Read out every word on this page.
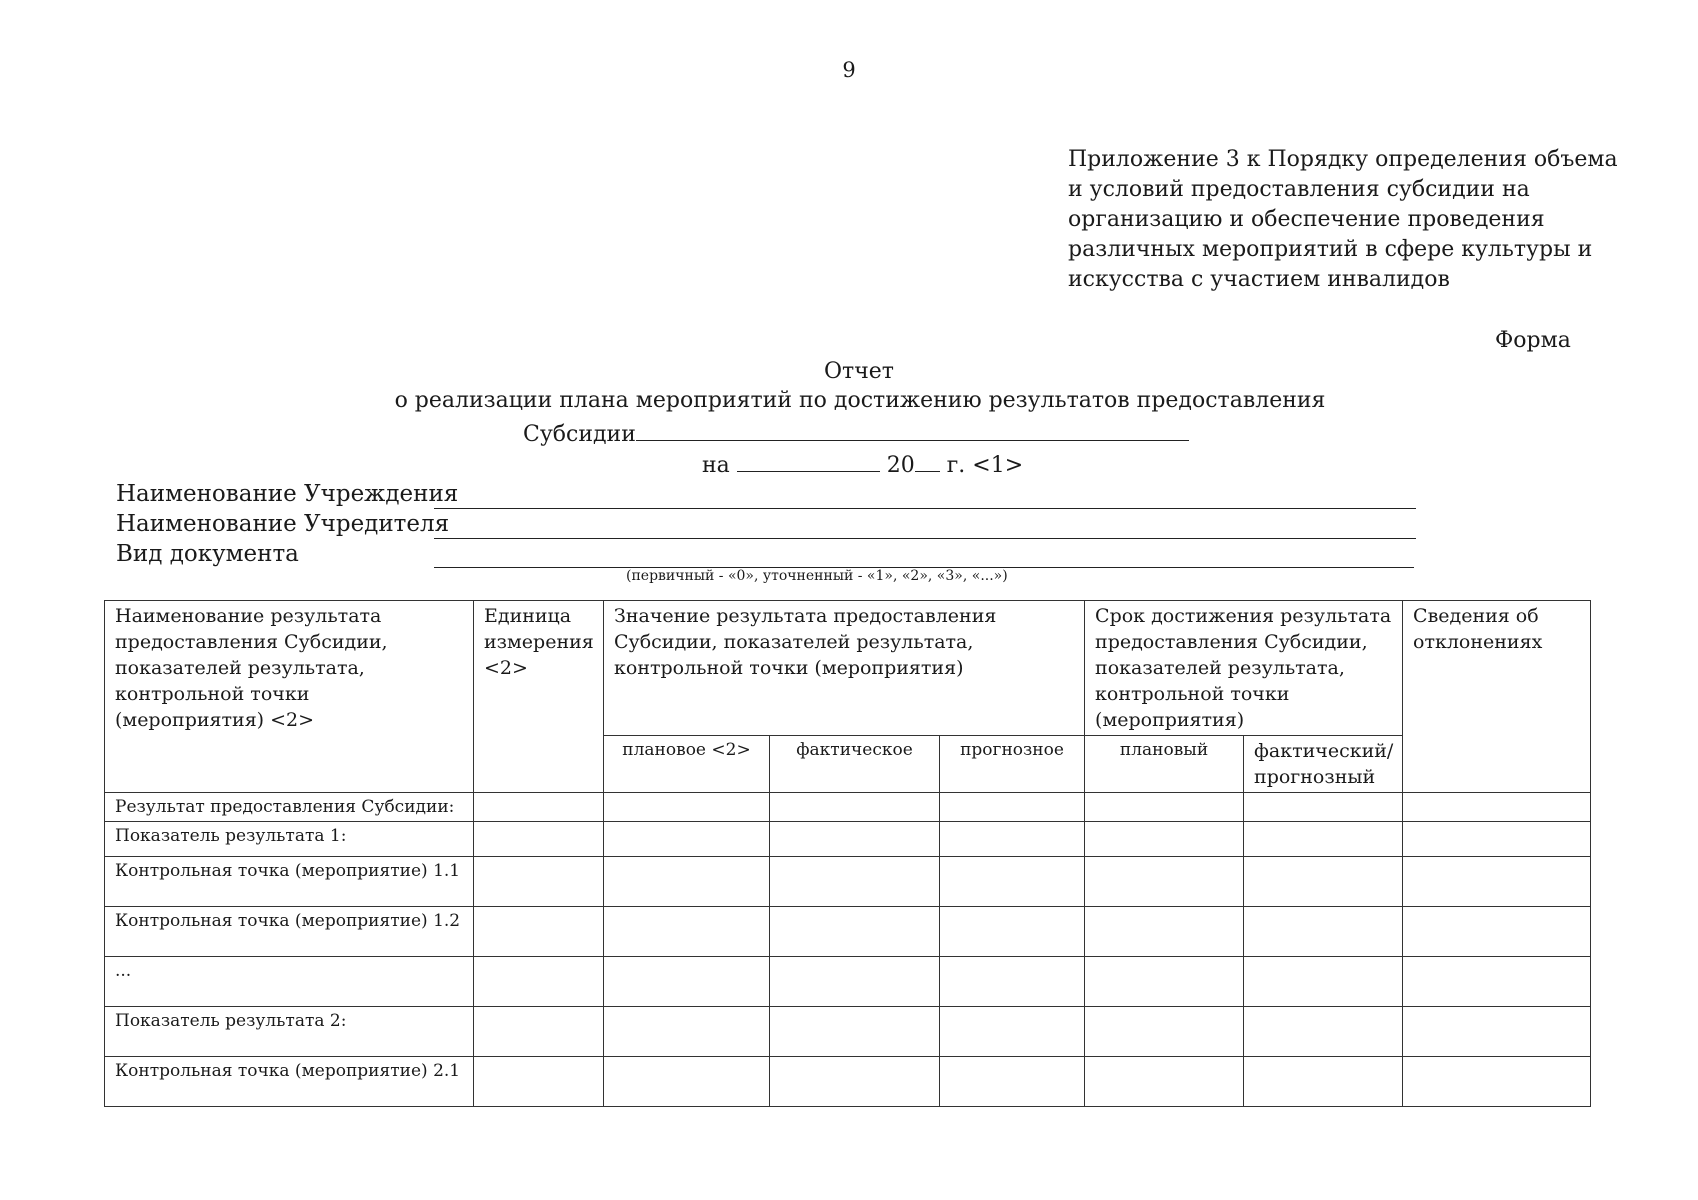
9
Приложение 3 к Порядку определения объема
и условий предоставления субсидии на
организацию и обеспечение проведения
различных мероприятий в сфере культуры и
искусства с участием инвалидов
Форма
Отчет
о реализации плана мероприятий по достижению результатов предоставления
Субсидии
на	20 г. <1>
Наименование Учреждения
Наименование Учредителя
Вид документа
(первичный - «0», уточненный - «1», «2», «3», «...»)
Наименование результата предоставления Субсидии, показателей результата, контрольной точки (мероприятия) <2>	Единица измерения <2>	Значение результата предоставления Субсидии, показателей результата, контрольной точки (мероприятия)			Срок достижения результата предоставления Субсидии, показателей результата, контрольной точки (мероприятия)		Сведения об отклонениях
		плановое <2>	фактическое	прогнозное	плановый	фактический/ прогнозный	
Результат предоставления Субсидии:							
Показатель результата 1:							
Контрольная точка (мероприятие) 1.1							
Контрольная точка (мероприятие) 1.2							
...							
Показатель результата 2:							
Контрольная точка (мероприятие) 2.1							
